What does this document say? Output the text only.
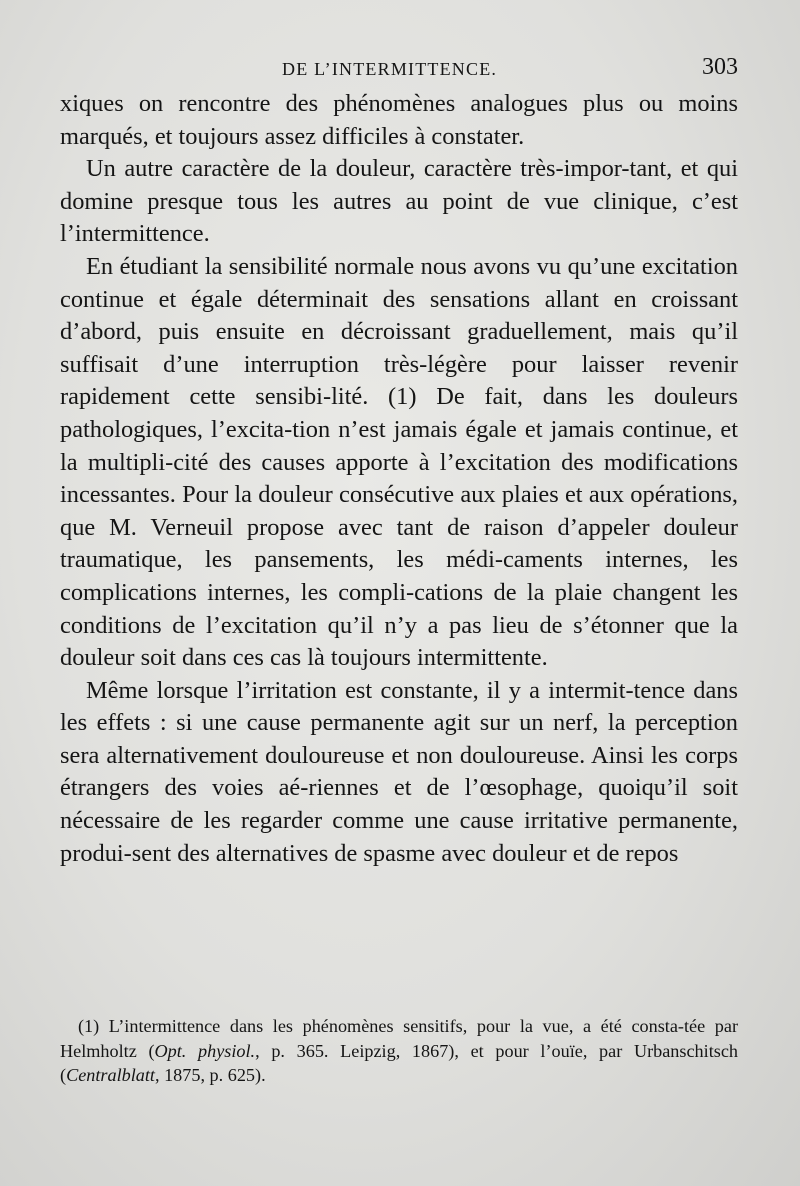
DE L’INTERMITTENCE.	303

xiques on rencontre des phénomènes analogues plus ou moins marqués, et toujours assez difficiles à constater.

Un autre caractère de la douleur, caractère très-impor-tant, et qui domine presque tous les autres au point de vue clinique, c’est l’intermittence.

En étudiant la sensibilité normale nous avons vu qu’une excitation continue et égale déterminait des sensations allant en croissant d’abord, puis ensuite en décroissant graduellement, mais qu’il suffisait d’une interruption très-légère pour laisser revenir rapidement cette sensibi-lité. (1) De fait, dans les douleurs pathologiques, l’excita-tion n’est jamais égale et jamais continue, et la multipli-cité des causes apporte à l’excitation des modifications incessantes. Pour la douleur consécutive aux plaies et aux opérations, que M. Verneuil propose avec tant de raison d’appeler douleur traumatique, les pansements, les médi-caments internes, les complications internes, les compli-cations de la plaie changent les conditions de l’excitation qu’il n’y a pas lieu de s’étonner que la douleur soit dans ces cas là toujours intermittente.

Même lorsque l’irritation est constante, il y a intermit-tence dans les effets : si une cause permanente agit sur un nerf, la perception sera alternativement douloureuse et non douloureuse. Ainsi les corps étrangers des voies aé-riennes et de l’œsophage, quoiqu’il soit nécessaire de les regarder comme une cause irritative permanente, produi-sent des alternatives de spasme avec douleur et de repos

(1) L’intermittence dans les phénomènes sensitifs, pour la vue, a été consta-tée par Helmholtz (Opt. physiol., p. 365. Leipzig, 1867), et pour l’ouïe, par Urbanschitsch (Centralblatt, 1875, p. 625).
